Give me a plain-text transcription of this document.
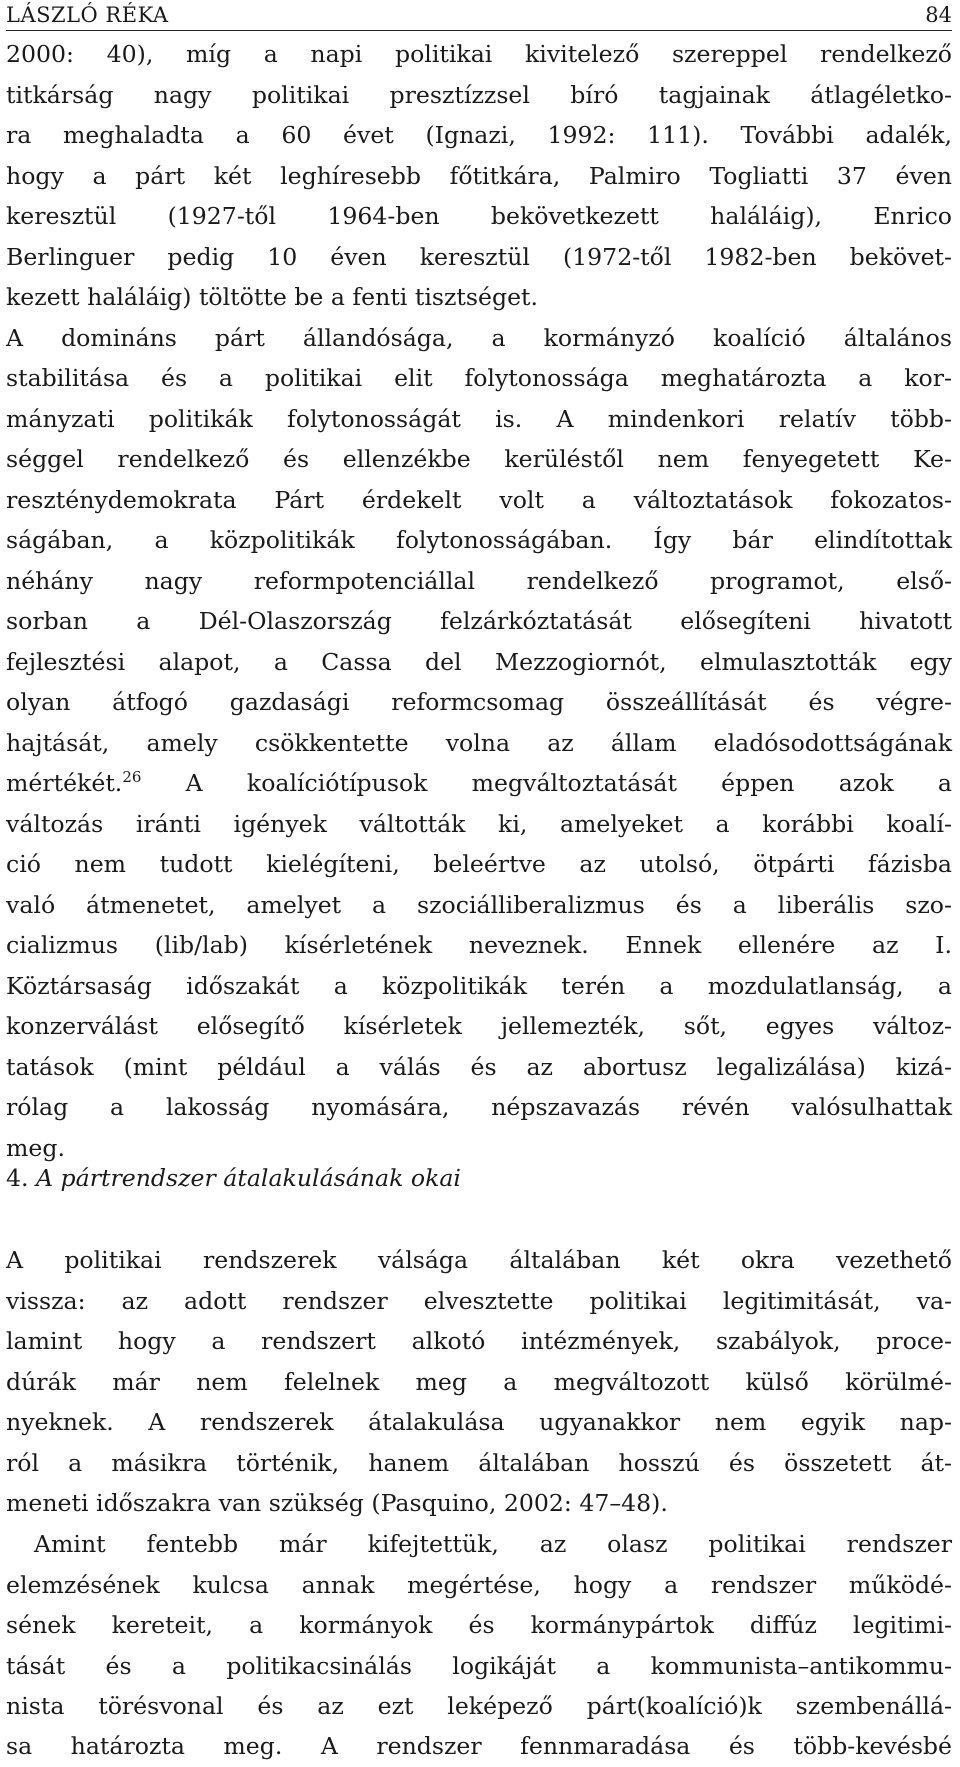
LÁSZLÓ RÉKA	84
2000: 40), míg a napi politikai kivitelező szereppel rendelkező
titkárság nagy politikai presztízzsel bíró tagjainak átlagéletko-
ra meghaladta a 60 évet (Ignazi, 1992: 111). További adalék,
hogy a párt két leghíresebb főtitkára, Palmiro Togliatti 37 éven
keresztül (1927-től 1964-ben bekövetkezett haláláig), Enrico
Berlinguer pedig 10 éven keresztül (1972-től 1982-ben bekövet-
kezett haláláig) töltötte be a fenti tisztséget.
A domináns párt állandósága, a kormányzó koalíció általános
stabilitása és a politikai elit folytonossága meghatározta a kor-
mányzati politikák folytonosságát is. A mindenkori relatív több-
séggel rendelkező és ellenzékbe kerüléstől nem fenyegetett Ke-
reszténydemokrata Párt érdekelt volt a változtatások fokozatos-
ságában, a közpolitikák folytonosságában. Így bár elindítottak
néhány nagy reformpotenciállal rendelkező programot, első-
sorban a Dél-Olaszország felzárkóztatását elősegíteni hivatott
fejlesztési alapot, a Cassa del Mezzogiornót, elmulasztották egy
olyan átfogó gazdasági reformcsomag összeállítását és végre-
hajtását, amely csökkentette volna az állam eladósodottságának
mértékét.$^{26}$ A koalíciótípusok megváltoztatását éppen azok a
változás iránti igények váltották ki, amelyeket a korábbi koalí-
ció nem tudott kielégíteni, beleértve az utolsó, ötpárti fázisba
való átmenetet, amelyet a szociálliberalizmus és a liberális szo-
cializmus (lib/lab) kísérletének neveznek. Ennek ellenére az I.
Köztársaság időszakát a közpolitikák terén a mozdulatlanság, a
konzerválást elősegítő kísérletek jellemezték, sőt, egyes változ-
tatások (mint például a válás és az abortusz legalizálása) kizá-
rólag a lakosság nyomására, népszavazás révén valósulhattak
meg.
4. A pártrendszer átalakulásának okai
A politikai rendszerek válsága általában két okra vezethető
vissza: az adott rendszer elvesztette politikai legitimitását, va-
lamint hogy a rendszert alkotó intézmények, szabályok, proce-
dúrák már nem felelnek meg a megváltozott külső körülmé-
nyeknek. A rendszerek átalakulása ugyanakkor nem egyik nap-
ról a másikra történik, hanem általában hosszú és összetett át-
meneti időszakra van szükség (Pasquino, 2002: 47–48).
Amint fentebb már kifejtettük, az olasz politikai rendszer
elemzésének kulcsa annak megértése, hogy a rendszer működé-
sének kereteit, a kormányok és kormánypártok diffúz legitimi-
tását és a politikacsinálás logikáját a kommunista–antikommu-
nista törésvonal és az ezt leképező párt(koalíció)k szembenállá-
sa határozta meg. A rendszer fennmaradása és több-kevésbé
